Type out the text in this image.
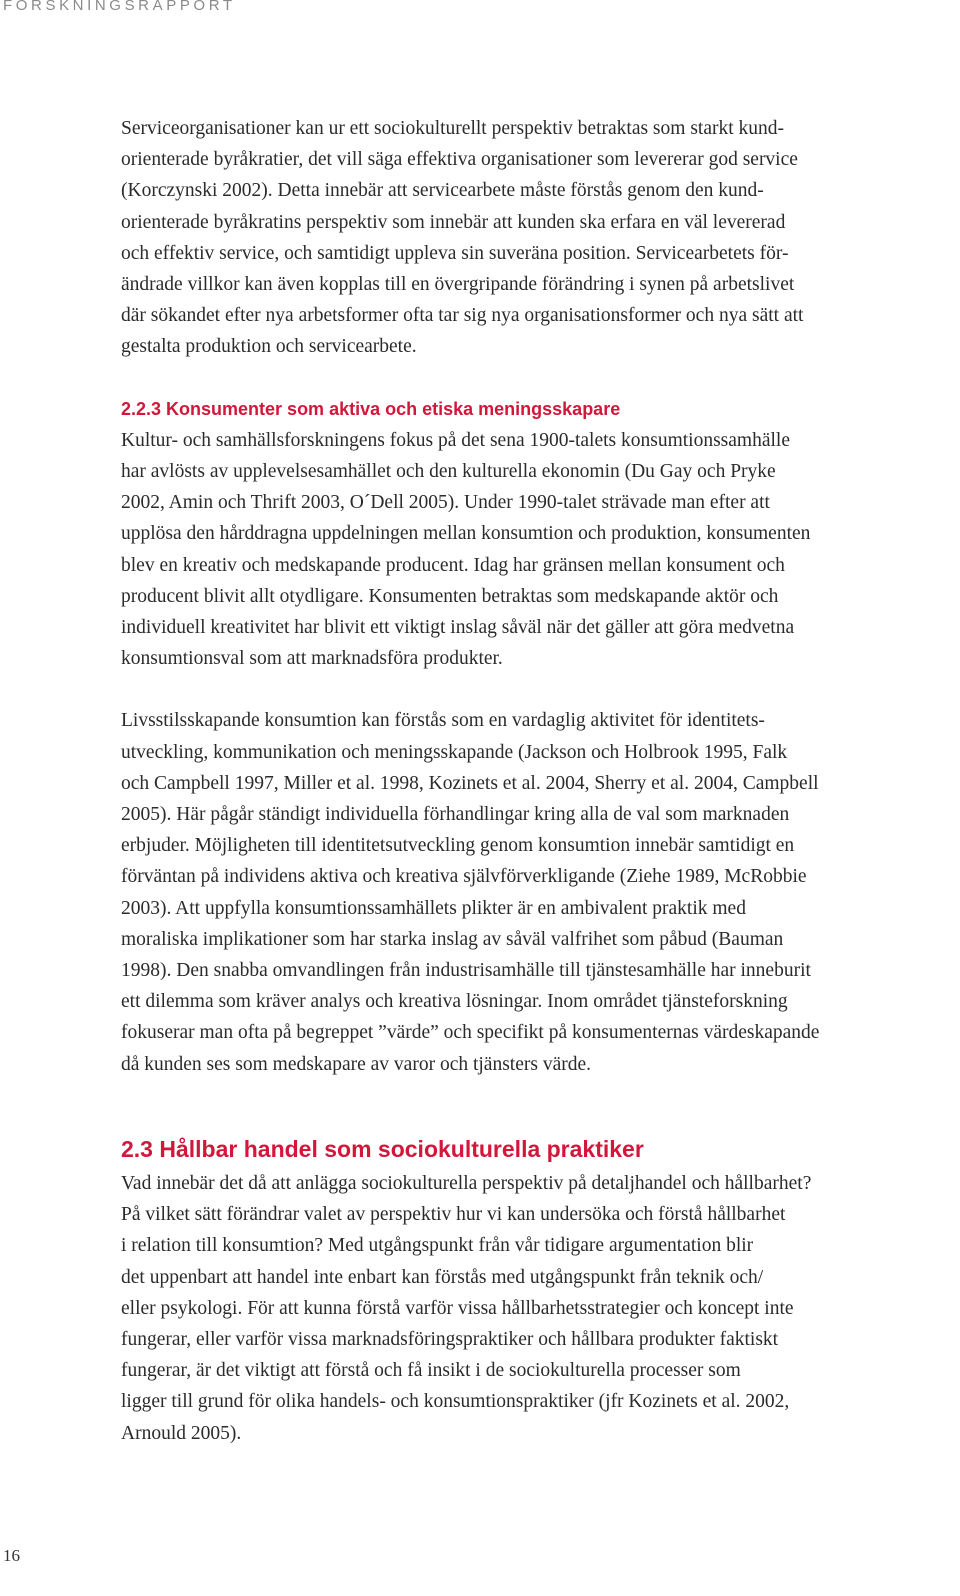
FORSKNINGSRAPPORT

Serviceorganisationer kan ur ett sociokulturellt perspektiv betraktas som starkt kund-
orienterade byråkratier, det vill säga effektiva organisationer som levererar god service
(Korczynski 2002). Detta innebär att servicearbete måste förstås genom den kund-
orienterade byråkratins perspektiv som innebär att kunden ska erfara en väl levererad
och effektiv service, och samtidigt uppleva sin suveräna position. Servicearbetets för-
ändrade villkor kan även kopplas till en övergripande förändring i synen på arbetslivet
där sökandet efter nya arbetsformer ofta tar sig nya organisationsformer och nya sätt att
gestalta produktion och servicearbete.

2.2.3 Konsumenter som aktiva och etiska meningsskapare

Kultur- och samhällsforskningens fokus på det sena 1900-talets konsumtionssamhälle
har avlösts av upplevelsesamhället och den kulturella ekonomin (Du Gay och Pryke
2002, Amin och Thrift 2003, O´Dell 2005). Under 1990-talet strävade man efter att
upplösa den hårddragna uppdelningen mellan konsumtion och produktion, konsumenten
blev en kreativ och medskapande producent. Idag har gränsen mellan konsument och
producent blivit allt otydligare. Konsumenten betraktas som medskapande aktör och
individuell kreativitet har blivit ett viktigt inslag såväl när det gäller att göra medvetna
konsumtionsval som att marknadsföra produkter.

Livsstilsskapande konsumtion kan förstås som en vardaglig aktivitet för identitets-
utveckling, kommunikation och meningsskapande (Jackson och Holbrook 1995, Falk
och Campbell 1997, Miller et al. 1998, Kozinets et al. 2004, Sherry et al. 2004, Campbell
2005). Här pågår ständigt individuella förhandlingar kring alla de val som marknaden
erbjuder. Möjligheten till identitetsutveckling genom konsumtion innebär samtidigt en
förväntan på individens aktiva och kreativa självförverkligande (Ziehe 1989, McRobbie
2003). Att uppfylla konsumtionssamhällets plikter är en ambivalent praktik med
moraliska implikationer som har starka inslag av såväl valfrihet som påbud (Bauman
1998). Den snabba omvandlingen från industrisamhälle till tjänstesamhälle har inneburit
ett dilemma som kräver analys och kreativa lösningar. Inom området tjänsteforskning
fokuserar man ofta på begreppet ”värde” och specifikt på konsumenternas värdeskapande
då kunden ses som medskapare av varor och tjänsters värde.

2.3 Hållbar handel som sociokulturella praktiker

Vad innebär det då att anlägga sociokulturella perspektiv på detaljhandel och hållbarhet?
På vilket sätt förändrar valet av perspektiv hur vi kan undersöka och förstå hållbarhet
i relation till konsumtion? Med utgångspunkt från vår tidigare argumentation blir
det uppenbart att handel inte enbart kan förstås med utgångspunkt från teknik och/
eller psykologi. För att kunna förstå varför vissa hållbarhetsstrategier och koncept inte
fungerar, eller varför vissa marknadsföringspraktiker och hållbara produkter faktiskt
fungerar, är det viktigt att förstå och få insikt i de sociokulturella processer som
ligger till grund för olika handels- och konsumtionspraktiker (jfr Kozinets et al. 2002,
Arnould 2005).

16
